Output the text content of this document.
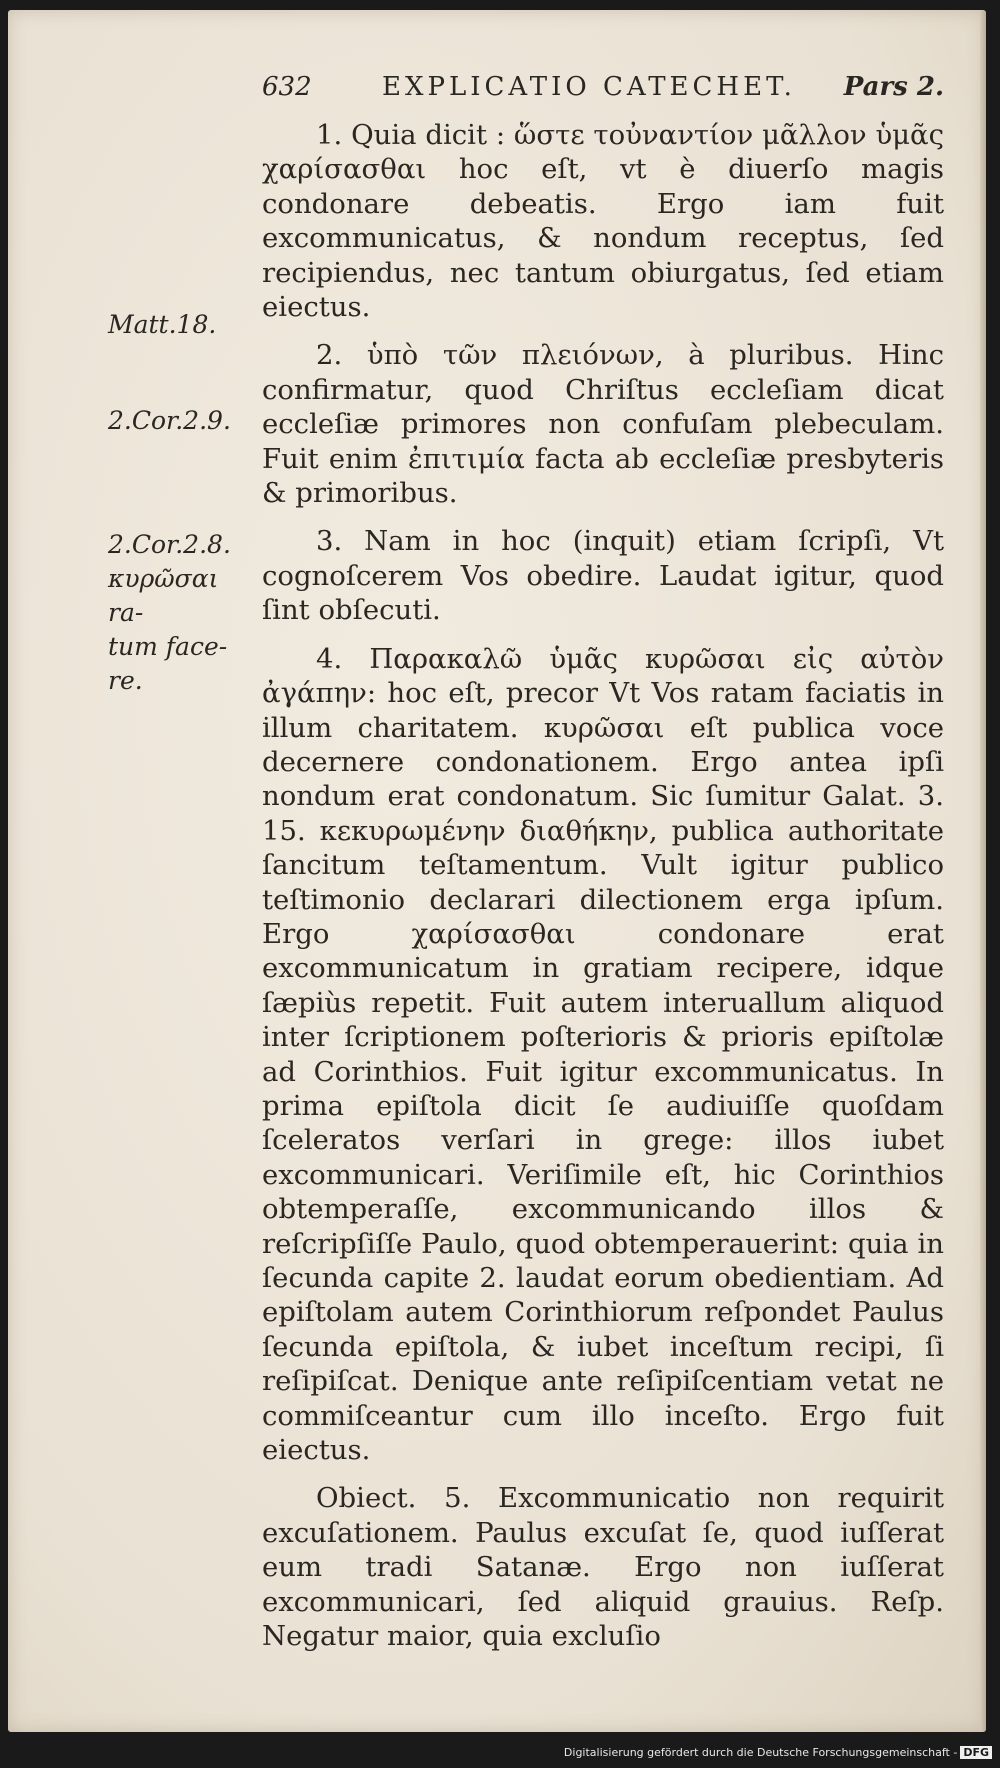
632	EXPLICATIO CATECHET. Pars 2.
Matt.18.
2.Cor.2.9.
2.Cor.2.8.
κυρῶσαι ra-
tum face-
re.

1. Quia dicit : ὥστε τοὐναντίον μᾶλλον ὑμᾶς χαρίσασθαι hoc eſt, vt è diuerſo magis condonare debeatis. Ergo iam fuit excommunicatus, & nondum receptus, ſed recipiendus, nec tantum obiurgatus, ſed etiam eiectus.

2. ὑπὸ τῶν πλειόνων, à pluribus. Hinc confirmatur, quod Chriſtus eccleſiam dicat eccleſiæ primores non confuſam plebeculam. Fuit enim ἐπιτιμία facta ab eccleſiæ presbyteris & primoribus.

3. Nam in hoc (inquit) etiam ſcripſi, Vt cognoſcerem Vos obedire. Laudat igitur, quod ſint obſecuti.

4. Παρακαλῶ ὑμᾶς κυρῶσαι εἰς αὐτὸν ἀγάπην: hoc eſt, precor Vt Vos ratam faciatis in illum charitatem. κυρῶσαι eſt publica voce decernere condonationem. Ergo antea ipſi nondum erat condonatum. Sic ſumitur Galat. 3. 15. κεκυρωμένην διαθήκην, publica authoritate ſancitum teſtamentum. Vult igitur publico teſtimonio declarari dilectionem erga ipſum. Ergo χαρίσασθαι condonare erat excommunicatum in gratiam recipere, idque ſæpiùs repetit. Fuit autem interuallum aliquod inter ſcriptionem poſterioris & prioris epiſtolæ ad Corinthios. Fuit igitur excommunicatus. In prima epiſtola dicit ſe audiuiſſe quoſdam ſceleratos verſari in grege: illos iubet excommunicari. Veriſimile eſt, hic Corinthios obtemperaſſe, excommunicando illos & reſcripſiſſe Paulo, quod obtemperauerint: quia in ſecunda capite 2. laudat eorum obedientiam. Ad epiſtolam autem Corinthiorum reſpondet Paulus ſecunda epiſtola, & iubet inceſtum recipi, ſi reſipiſcat. Denique ante reſipiſcentiam vetat ne commiſceantur cum illo inceſto. Ergo fuit eiectus.

Obiect. 5. Excommunicatio non requirit excuſationem. Paulus excuſat ſe, quod iuſſerat eum tradi Satanæ. Ergo non iuſſerat excommunicari, ſed aliquid grauius. Reſp. Negatur maior, quia excluſio

Digitalisierung gefördert durch die Deutsche Forschungsgemeinschaft - DFG
